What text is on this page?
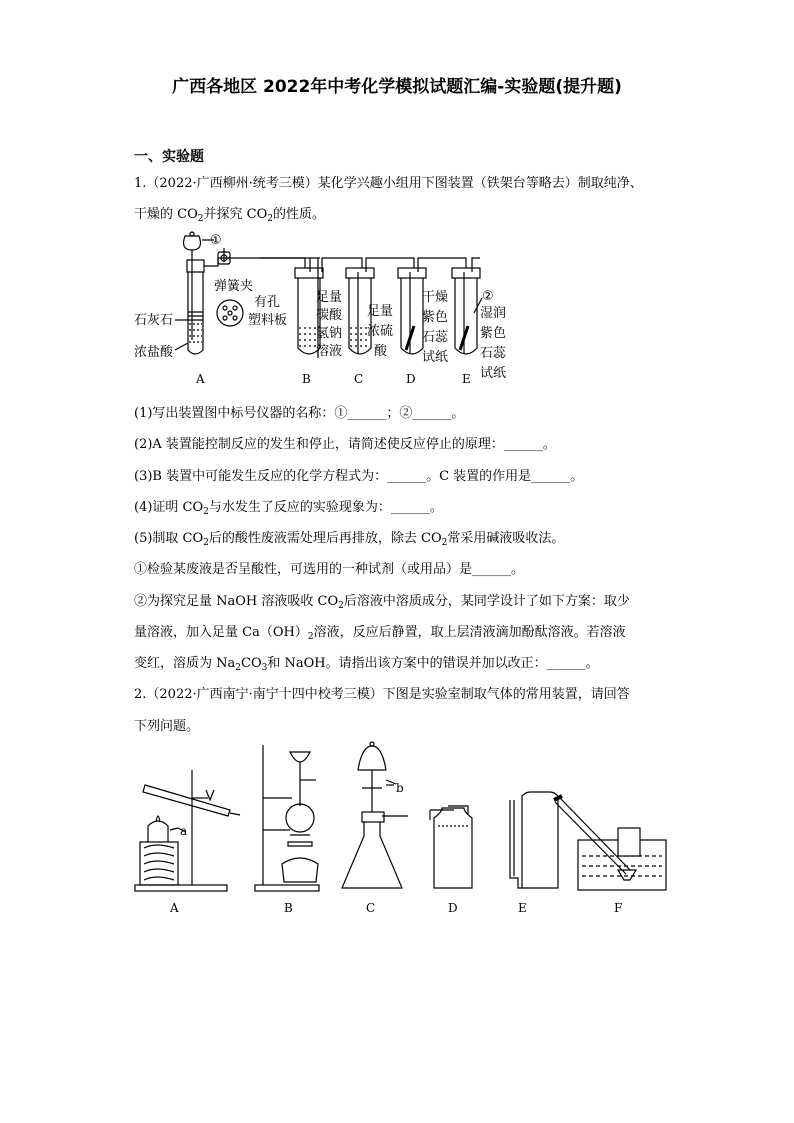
广西各地区 2022年中考化学模拟试题汇编-实验题(提升题)
一、实验题
1.（2022·广西柳州·统考三模）某化学兴趣小组用下图装置（铁架台等略去）制取纯净、
干燥的 $CO_2$并探究 $CO_2$的性质。
①
②
弹簧夹
有孔
塑料板
石灰石
浓盐酸
足量
碳酸
氢钠
溶液
足量
浓硫
酸
干燥
紫色
石蕊
试纸
湿润
紫色
石蕊
试纸
A	B	C	D	E
(1)写出装置图中标号仪器的名称：①______；②______。
(2)A 装置能控制反应的发生和停止，请简述使反应停止的原理：______。
(3)B 装置中可能发生反应的化学方程式为：______。C 装置的作用是______。
(4)证明 $CO_2$与水发生了反应的实验现象为：______。
(5)制取 $CO_2$后的酸性废液需处理后再排放，除去 $CO_2$常采用碱液吸收法。
①检验某废液是否呈酸性，可选用的一种试剂（或用品）是______。
②为探究足量 NaOH 溶液吸收 $CO_2$后溶液中溶质成分，某同学设计了如下方案：取少
量溶液，加入足量 $Ca(OH)_2$溶液，反应后静置，取上层清液滴加酚酞溶液。若溶液
变红，溶质为 $Na_2CO_3$和 NaOH。请指出该方案中的错误并加以改正：______。
2.（2022·广西南宁·南宁十四中校考三模）下图是实验室制取气体的常用装置，请回答
下列问题。
a
b
A	B	C	D	E	F
